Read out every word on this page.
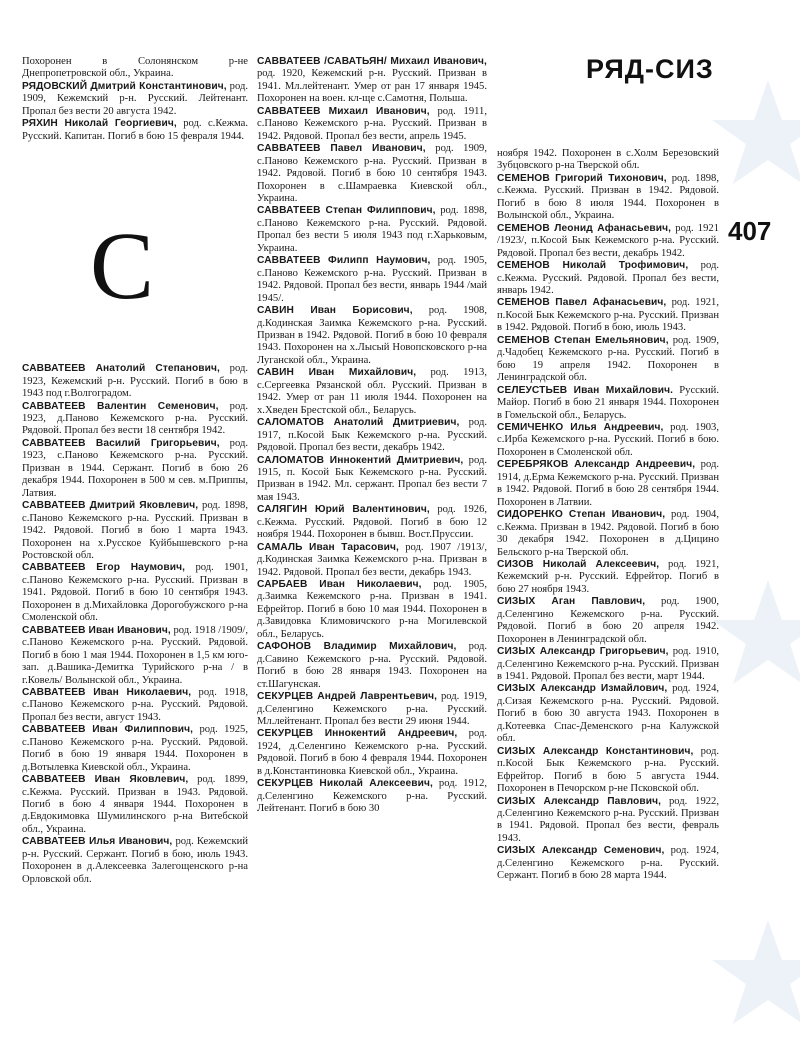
РЯД-СИЗ
407
С
Похоронен в Солонянском р-не Днепропетровской обл., Украина.
РЯДОВСКИЙ Дмитрий Константинович, род. 1909, Кежемский р-н. Русский. Лейтенант. Пропал без вести 20 августа 1942.
РЯХИН Николай Георгиевич, род. с.Кежма. Русский. Капитан. Погиб в бою 15 февраля 1944.
САВВАТЕЕВ Анатолий Степанович, род. 1923, Кежемский р-н. Русский. Погиб в бою в 1943 под г.Волгоградом.
САВВАТЕЕВ Валентин Семенович, род. 1923, д.Паново Кежемского р-на. Русский. Рядовой. Пропал без вести 18 сентября 1942.
САВВАТЕЕВ Василий Григорьевич, род. 1923, с.Паново Кежемского р-на. Русский. Призван в 1944. Сержант. Погиб в бою 26 декабря 1944. Похоронен в 500 м сев. м.Приппы, Латвия.
САВВАТЕЕВ Дмитрий Яковлевич, род. 1898, с.Паново Кежемского р-на. Русский. Призван в 1942. Рядовой. Погиб в бою 1 марта 1943. Похоронен на х.Русское Куйбышевского р-на Ростовской обл.
САВВАТЕЕВ Егор Наумович, род. 1901, с.Паново Кежемского р-на. Русский. Призван в 1941. Рядовой. Погиб в бою 10 сентября 1943. Похоронен в д.Михайловка Дорогобужского р-на Смоленской обл.
САВВАТЕЕВ Иван Иванович, род. 1918 /1909/, с.Паново Кежемского р-на. Русский. Рядовой. Погиб в бою 1 мая 1944. Похоронен в 1,5 км юго-зап. д.Вашика-Демитка Турийского р-на / в г.Ковель/ Волынской обл., Украина.
САВВАТЕЕВ Иван Николаевич, род. 1918, с.Паново Кежемского р-на. Русский. Рядовой. Пропал без вести, август 1943.
САВВАТЕЕВ Иван Филиппович, род. 1925, с.Паново Кежемского р-на. Русский. Рядовой. Погиб в бою 19 января 1944. Похоронен в д.Вотылевка Киевской обл., Украина.
САВВАТЕЕВ Иван Яковлевич, род. 1899, с.Кежма. Русский. Призван в 1943. Рядовой. Погиб в бою 4 января 1944. Похоронен в д.Евдокимовка Шумилинского р-на Витебской обл., Украина.
САВВАТЕЕВ Илья Иванович, род. Кежемский р-н. Русский. Сержант. Погиб в бою, июль 1943. Похоронен в д.Алексеевка Залегощенского р-на Орловской обл.
САВВАТЕЕВ /САВАТЬЯН/ Михаил Иванович, род. 1920, Кежемский р-н. Русский. Призван в 1941. Мл.лейтенант. Умер от ран 17 января 1945. Похоронен на воен. кл-ще с.Самотня, Польша.
САВВАТЕЕВ Михаил Иванович, род. 1911, с.Паново Кежемского р-на. Русский. Призван в 1942. Рядовой. Пропал без вести, апрель 1945.
САВВАТЕЕВ Павел Иванович, род. 1909, с.Паново Кежемского р-на. Русский. Призван в 1942. Рядовой. Погиб в бою 10 сентября 1943. Похоронен в с.Шамраевка Киевской обл., Украина.
САВВАТЕЕВ Степан Филиппович, род. 1898, с.Паново Кежемского р-на. Русский. Рядовой. Пропал без вести 5 июля 1943 под г.Харьковым, Украина.
САВВАТЕЕВ Филипп Наумович, род. 1905, с.Паново Кежемского р-на. Русский. Призван в 1942. Рядовой. Пропал без вести, январь 1944 /май 1945/.
САВИН Иван Борисович, род. 1908, д.Кодинская Заимка Кежемского р-на. Русский. Призван в 1942. Рядовой. Погиб в бою 10 февраля 1943. Похоронен на х.Лысый Новопсковского р-на Луганской обл., Украина.
САВИН Иван Михайлович, род. 1913, с.Сергеевка Рязанской обл. Русский. Призван в 1942. Умер от ран 11 июля 1944. Похоронен на х.Хведен Брестской обл., Беларусь.
САЛОМАТОВ Анатолий Дмитриевич, род. 1917, п.Косой Бык Кежемского р-на. Русский. Рядовой. Пропал без вести, декабрь 1942.
САЛОМАТОВ Иннокентий Дмитриевич, род. 1915, п. Косой Бык Кежемского р-на. Русский. Призван в 1942. Мл. сержант. Пропал без вести 7 мая 1943.
САЛЯГИН Юрий Валентинович, род. 1926, с.Кежма. Русский. Рядовой. Погиб в бою 12 ноября 1944. Похоронен в бывш. Вост.Пруссии.
САМАЛЬ Иван Тарасович, род. 1907 /1913/, д.Кодинская Заимка Кежемского р-на. Призван в 1942. Рядовой. Пропал без вести, декабрь 1943.
САРБАЕВ Иван Николаевич, род. 1905, д.Заимка Кежемского р-на. Призван в 1941. Ефрейтор. Погиб в бою 10 мая 1944. Похоронен в д.Завидовка Климовичского р-на Могилевской обл., Беларусь.
САФОНОВ Владимир Михайлович, род. д.Савино Кежемского р-на. Русский. Рядовой. Погиб в бою 28 января 1943. Похоронен на ст.Шагунская.
СЕКУРЦЕВ Андрей Лаврентьевич, род. 1919, д.Селенгино Кежемского р-на. Русский. Мл.лейтенант. Пропал без вести 29 июня 1944.
СЕКУРЦЕВ Иннокентий Андреевич, род. 1924, д.Селенгино Кежемского р-на. Русский. Рядовой. Погиб в бою 4 февраля 1944. Похоронен в д.Константиновка Киевской обл., Украина.
СЕКУРЦЕВ Николай Алексеевич, род. 1912, д.Селенгино Кежемского р-на. Русский. Лейтенант. Погиб в бою 30
ноября 1942. Похоронен в с.Холм Березовский Зубцовского р-на Тверской обл.
СЕМЕНОВ Григорий Тихонович, род. 1898, с.Кежма. Русский. Призван в 1942. Рядовой. Погиб в бою 8 июля 1944. Похоронен в Волынской обл., Украина.
СЕМЕНОВ Леонид Афанасьевич, род. 1921 /1923/, п.Косой Бык Кежемского р-на. Русский. Рядовой. Пропал без вести, декабрь 1942.
СЕМЕНОВ Николай Трофимович, род. с.Кежма. Русский. Рядовой. Пропал без вести, январь 1942.
СЕМЕНОВ Павел Афанасьевич, род. 1921, п.Косой Бык Кежемского р-на. Русский. Призван в 1942. Рядовой. Погиб в бою, июль 1943.
СЕМЕНОВ Степан Емельянович, род. 1909, д.Чадобец Кежемского р-на. Русский. Погиб в бою 19 апреля 1942. Похоронен в Ленинградской обл.
СЕЛЕУСТЬЕВ Иван Михайлович. Русский. Майор. Погиб в бою 21 января 1944. Похоронен в Гомельской обл., Беларусь.
СЕМИЧЕНКО Илья Андреевич, род. 1903, с.Ирба Кежемского р-на. Русский. Погиб в бою. Похоронен в Смоленской обл.
СЕРЕБРЯКОВ Александр Андреевич, род. 1914, д.Ерма Кежемского р-на. Русский. Призван в 1942. Рядовой. Погиб в бою 28 сентября 1944. Похоронен в Латвии.
СИДОРЕНКО Степан Иванович, род. 1904, с.Кежма. Призван в 1942. Рядовой. Погиб в бою 30 декабря 1942. Похоронен в д.Цицино Бельского р-на Тверской обл.
СИЗОВ Николай Алексеевич, род. 1921, Кежемский р-н. Русский. Ефрейтор. Погиб в бою 27 ноября 1943.
СИЗЫХ Аган Павлович, род. 1900, д.Селенгино Кежемского р-на. Русский. Рядовой. Погиб в бою 20 апреля 1942. Похоронен в Ленинградской обл.
СИЗЫХ Александр Григорьевич, род. 1910, д.Селенгино Кежемского р-на. Русский. Призван в 1941. Рядовой. Пропал без вести, март 1944.
СИЗЫХ Александр Измайлович, род. 1924, д.Сизая Кежемского р-на. Русский. Рядовой. Погиб в бою 30 августа 1943. Похоронен в д.Котеевка Спас-Деменского р-на Калужской обл.
СИЗЫХ Александр Константинович, род. п.Косой Бык Кежемского р-на. Русский. Ефрейтор. Погиб в бою 5 августа 1944. Похоронен в Печорском р-не Псковской обл.
СИЗЫХ Александр Павлович, род. 1922, д.Селенгино Кежемского р-на. Русский. Призван в 1941. Рядовой. Пропал без вести, февраль 1943.
СИЗЫХ Александр Семенович, род. 1924, д.Селенгино Кежемского р-на. Русский. Сержант. Погиб в бою 28 марта 1944.
